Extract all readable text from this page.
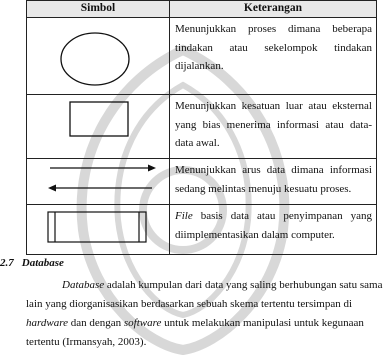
Simbol	Keterangan
	Menunjukkan proses dimana beberapa tindakan atau sekelompok tindakan dijalankan.
	Menunjukkan kesatuan luar atau eksternal yang bias menerima informasi atau data-data awal.
	Menunjukkan arus data dimana informasi sedang melintas menuju kesuatu proses.
	File basis data atau penyimpanan yang diimplementasikan dalam computer.
2.7 Database
Database adalah kumpulan dari data yang saling berhubungan satu sama lain yang diorganisasikan berdasarkan sebuah skema tertentu tersimpan di hardware dan dengan software untuk melakukan manipulasi untuk kegunaan tertentu (Irmansyah, 2003).
